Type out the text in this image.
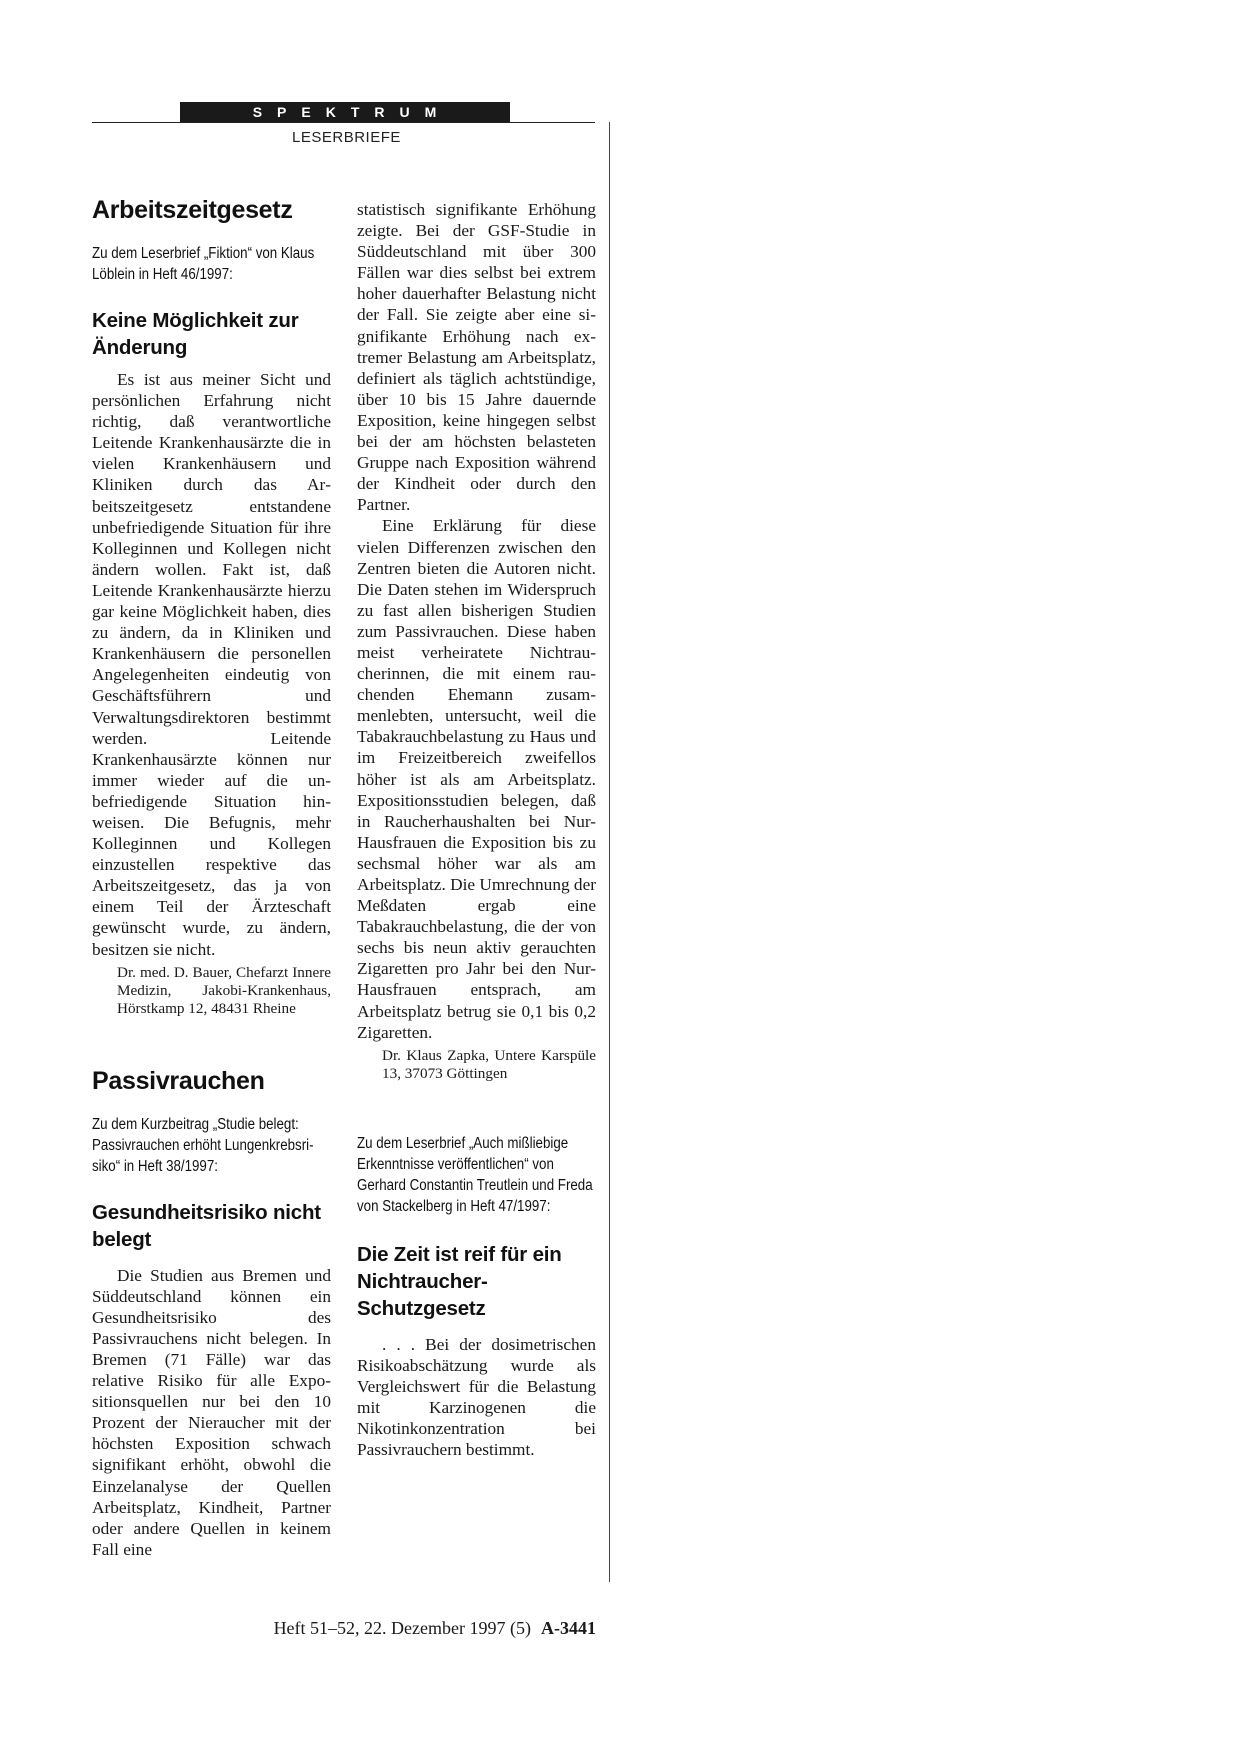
SPEKTRUM
LESERBRIEFE
Arbeitszeitgesetz
Zu dem Leserbrief „Fiktion“ von Klaus Löblein in Heft 46/1997:
Keine Möglichkeit zur Änderung

Es ist aus meiner Sicht und persönlichen Erfahrung nicht richtig, daß verantwortliche Leitende Krankenhausärzte die in vielen Krankenhäusern und Kliniken durch das Arbeitszeitgesetz entstandene unbefriedigende Situation für ihre Kolleginnen und Kollegen nicht ändern wollen. Fakt ist, daß Leitende Krankenhausärzte hierzu gar keine Möglichkeit haben, dies zu ändern, da in Kliniken und Krankenhäusern die personellen Angelegenheiten eindeutig von Geschäftsführern und Verwaltungsdirektoren bestimmt werden. Leitende Krankenhausärzte können nur immer wieder auf die unbefriedigende Situation hinweisen. Die Befugnis, mehr Kolleginnen und Kollegen einzustellen respektive das Arbeitszeitgesetz, das ja von einem Teil der Ärzteschaft gewünscht wurde, zu ändern, besitzen sie nicht.

Dr. med. D. Bauer, Chefarzt Innere Medizin, Jakobi-Krankenhaus, Hörstkamp 12, 48431 Rheine
Passivrauchen
Zu dem Kurzbeitrag „Studie belegt: Passivrauchen erhöht Lungenkrebsrisiko“ in Heft 38/1997:
Gesundheitsrisiko nicht belegt

Die Studien aus Bremen und Süddeutschland können ein Gesundheitsrisiko des Passivrauchens nicht belegen. In Bremen (71 Fälle) war das relative Risiko für alle Expositionsquellen nur bei den 10 Prozent der Nieraucher mit der höchsten Exposition schwach signifikant erhöht, obwohl die Einzelanalyse der Quellen Arbeitsplatz, Kindheit, Partner oder andere Quellen in keinem Fall eine

statistisch signifikante Erhöhung zeigte. Bei der GSF-Studie in Süddeutschland mit über 300 Fällen war dies selbst bei extrem hoher dauerhafter Belastung nicht der Fall. Sie zeigte aber eine signifikante Erhöhung nach extremer Belastung am Arbeitsplatz, definiert als täglich achtstündige, über 10 bis 15 Jahre dauernde Exposition, keine hingegen selbst bei der am höchsten belasteten Gruppe nach Exposition während der Kindheit oder durch den Partner.

Eine Erklärung für diese vielen Differenzen zwischen den Zentren bieten die Autoren nicht. Die Daten stehen im Widerspruch zu fast allen bisherigen Studien zum Passivrauchen. Diese haben meist verheiratete Nichtraucherinnen, die mit einem rauchenden Ehemann zusammenlebten, untersucht, weil die Tabakrauchbelastung zu Haus und im Freizeitbereich zweifellos höher ist als am Arbeitsplatz. Expositionsstudien belegen, daß in Raucherhaushalten bei Nur-Hausfrauen die Exposition bis zu sechsmal höher war als am Arbeitsplatz. Die Umrechnung der Meßdaten ergab eine Tabakrauchbelastung, die der von sechs bis neun aktiv gerauchten Zigaretten pro Jahr bei den Nur-Hausfrauen entsprach, am Arbeitsplatz betrug sie 0,1 bis 0,2 Zigaretten.

Dr. Klaus Zapka, Untere Karspüle 13, 37073 Göttingen
Zu dem Leserbrief „Auch mißliebige Erkenntnisse veröffentlichen“ von Gerhard Constantin Treutlein und Freda von Stackelberg in Heft 47/1997:
Die Zeit ist reif für ein Nichtraucher-Schutzgesetz

. . . Bei der dosimetrischen Risikoabschätzung wurde als Vergleichswert für die Belastung mit Karzinogenen die Nikotinkonzentration bei Passivrauchern bestimmt.

Heft 51–52, 22. Dezember 1997 (5) A-3441
